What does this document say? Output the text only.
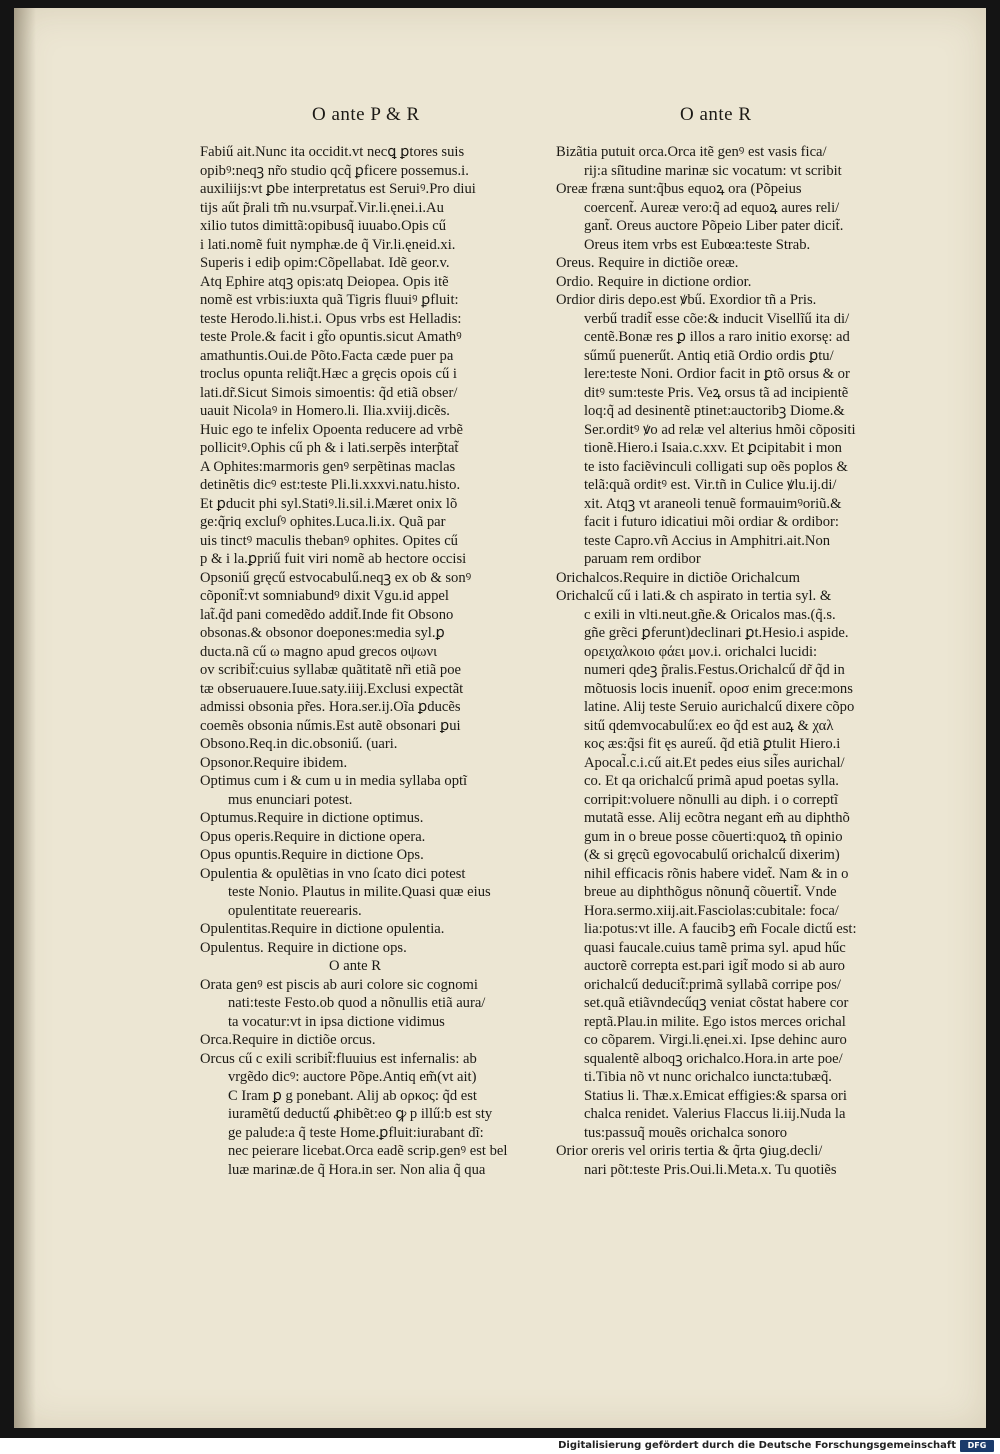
O ante P & R	O ante R
Fabiű ait.Nunc ita occidit.vt necꝗ ꝑtores suis
opibꝰ:neqꝫ nr̃o studio qcq̃ ꝑficere possemus.i.
auxiliĳs:vt ꝑbe interpretatus est Seruiꝰ.Pro diui
tĳs aűt p̃rali tm̃ nu.vsurpat̃.Vir.li.ęnei.i.Au
xilio tutos dimittã:opibusq̃ iuuabo.Opis cű
i lati.nomẽ fuit nymphæ.de q̃ Vir.li.ęneid.xi.
Superis i ediþ opim:Cõpellabat. Idẽ geor.v.
Atq Ephire atqꝫ opis:atq Deiopea. Opis itẽ
nomẽ est vrbis:iuxta quã Tigris fluuiꝰ ꝑfluit:
teste Herodo.li.hist.i. Opus vrbs est Helladis:
teste Prole.& facit i gt̃o opuntis.sicut Amathꝰ
amathuntis.Oui.de Põto.Facta cæde puer pa
troclus opunta reliq̃t.Hæc a gręcis opois cű i
lati.dr̃.Sicut Simois simoentis: q̃d etiã obser/
uauit Nicolaꝰ in Homero.li. Ilia.xviĳ.dicẽs.
Huic ego te infelix Opoenta reducere ad vrbẽ
pollicitꝰ.Ophis cű ph & i lati.serpẽs interp̃tat̃
A Ophites:marmoris genꝰ serpẽtinas maclas
detinẽtis dicꝰ est:teste Pli.li.xxxvi.natu.histo.
Et ꝑducit phi syl.Statiꝰ.li.sil.i.Mæret onix lõ
ge:q̃riq excluſꝰ ophites.Luca.li.ix. Quã par
uis tinctꝰ maculis thebanꝰ ophites. Opites cű
p & i la.ꝑpriű fuit viri nomẽ ab hectore occisi
Opsoniű gręcű estvocabulű.neqꝫ ex ob & sonꝰ
cõponit̃:vt somniabundꝰ dixit Vgu.id appel
lat̃.q̃d pani comedẽdo addit̃.Inde fit Obsono
obsonas.& obsonor doepones:media syl.ꝑ
ducta.nã cű ω magno apud grecos οψωνι
ov scribit̃:cuius syllabæ quãtitatẽ nr̃i etiã poe
tæ obseruauere.Iuue.saty.iiĳ.Exclusi expectãt
admissi obsonia pr̃es. Hora.ser.ĳ.Oĩa ꝑducẽs
coemẽs obsonia nűmis.Est autẽ obsonari ꝑui
Obsono.Req.in dic.obsoniű. (uari.
Opsonor.Require ibidem.
Optimus cum i & cum u in media syllaba optĩ
mus enunciari potest.
Optumus.Require in dictione optimus.
Opus operis.Require in dictione opera.
Opus opuntis.Require in dictione Ops.
Opulentia & opulẽtias in vno ſcato dici potest
teste Nonio. Plautus in milite.Quasi quæ eius
opulentitate reuerearis.
Opulentitas.Require in dictione opulentia.
Opulentus. Require in dictione ops.
O ante R
Orata genꝰ est piscis ab auri colore sic cognomi
nati:teste Festo.ob quod a nõnullis etiã aura/
ta vocatur:vt in ipsa dictione vidimus
Orca.Require in dictiõe orcus.
Orcus cű c exili scribit̃:fluuius est infernalis: ab
vrgẽdo dicꝰ: auctore Põpe.Antiq em̃(vt ait)
C Iram ꝑ g ponebant. Alĳ ab ορκος: q̃d est
iuramẽtű deductű ꝓhibẽt:eo ꝙ p illű:b est sty
ge palude:a q̃ teste Home.ꝑfluit:iurabant dĩ:
nec peierare licebat.Orca eadẽ scrip.genꝰ est bel
luæ marinæ.de q̃ Hora.in ser. Non alia q̃ qua
Bizãtia putuit orca.Orca itẽ genꝰ est vasis fica/
rĳ:a si͂itudine marinæ sic vocatum: vt scribit
Oreæ fræna sunt:q̃bus equoꝝ ora (Põpeius
coercent̃. Aureæ vero:q̃ ad equoꝝ aures reli/
gant̃. Oreus auctore Põpeio Liber pater dicit̃.
Oreus item vrbs est Eubœa:teste Strab.
Oreus. Require in dictiõe oreæ.
Ordio. Require in dictione ordior.
Ordior diris depo.est ꝟbű. Exordior tñ a Pris.
verbű tradit̃ esse cõe:& inducit Visellĩű ita di/
centẽ.Bonæ res ꝑ illos a raro initio exorsę: ad
sűmű puenerűt. Antiq etiã Ordio ordis ꝑtu/
lere:teste Noni. Ordior facit in ꝑtõ orsus & or
ditꝰ sum:teste Pris. Veꝝ orsus tã ad incipientẽ
loq:q̃ ad desinentẽ ptinet:auctoribꝫ Diome.&
Ser.orditꝰ ꝟo ad relæ vel alterius hmõi cõpositi
tionẽ.Hiero.i Isaia.c.xxv. Et ꝑcipitabit i mon
te isto faciẽvinculi colligati sup oẽs poplos &
telã:quã orditꝰ est. Vir.tñ in Culice ꝟlu.ĳ.di/
xit. Atqꝫ vt araneoli tenuẽ formauimꝰoriũ.&
facit i futuro idicatiui mõi ordiar & ordibor:
teste Capro.vñ Accius in Amphitri.ait.Non
paruam rem ordibor
Orichalcos.Require in dictiõe Orichalcum
Orichalcű cű i lati.& ch aspirato in tertia syl. &
c exili in vlti.neut.gñe.& Oricalos mas.(q̃.s.
gñe grẽci ꝑferunt)declinari ꝑt.Hesio.i aspide.
ορειχαλκοιο φάει μον.i. orichalci lucidi:
numeri qdeꝫ p̃ralis.Festus.Orichalcű dr̃ q̃d in
mõtuosis locis inuenit̃. οροσ enim grece:mons
latine. Alĳ teste Seruio aurichalcű dixere cõpo
sitű qdemvocabulű:ex eo q̃d est auꝝ & χαλ
κος æs:q̃si fit ęs aureű. q̃d etiã ꝑtulit Hiero.i
Apocal̃.c.i.cű ait.Et pedes eius sil̃es aurichal/
co. Et qa orichalcű primã apud poetas sylla.
corripit:voluere nõnulli au diph. i o correptĩ
mutatã esse. Alĳ ecõtra negant em̃ au diphthõ
gum in o breue posse cõuerti:quoꝝ tñ opinio
(& si gręcũ egovocabulű orichalcű dixerim)
nihil efficacis rõnis habere videt̃. Nam & in o
breue au diphthõgus nõnunq̃ cõuertit̃. Vnde
Hora.sermo.xiĳ.ait.Fasciolas:cubitale: foca/
lia:potus:vt ille. A faucibꝫ em̃ Focale dictű est:
quasi faucale.cuius tamẽ prima syl. apud hűc
auctorẽ correpta est.pari igit̃ modo si ab auro
orichalcű deducit̃:primã syllabã corripe pos/
set.quã etiãvndecűqꝫ veniat cõstat habere cor
reptã.Plau.in milite. Ego istos merces orichal
co cõparem. Virgi.li.ęnei.xi. Ipse dehinc auro
squalentẽ alboqꝫ orichalco.Hora.in arte poe/
ti.Tibia nõ vt nunc orichalco iuncta:tubæq̃.
Statius li. Thæ.x.Emicat effigies:& sparsa ori
chalca renidet. Valerius Flaccus li.iĳ.Nuda la
tus:passuq̃ mouẽs orichalca sonoro
Orior oreris vel oriris tertia & q̃rta ꝯiug.decli/
nari põt:teste Pris.Oui.li.Meta.x. Tu quotiẽs
Digitalisierung gefördert durch die Deutsche Forschungsgemeinschaft	DFG
